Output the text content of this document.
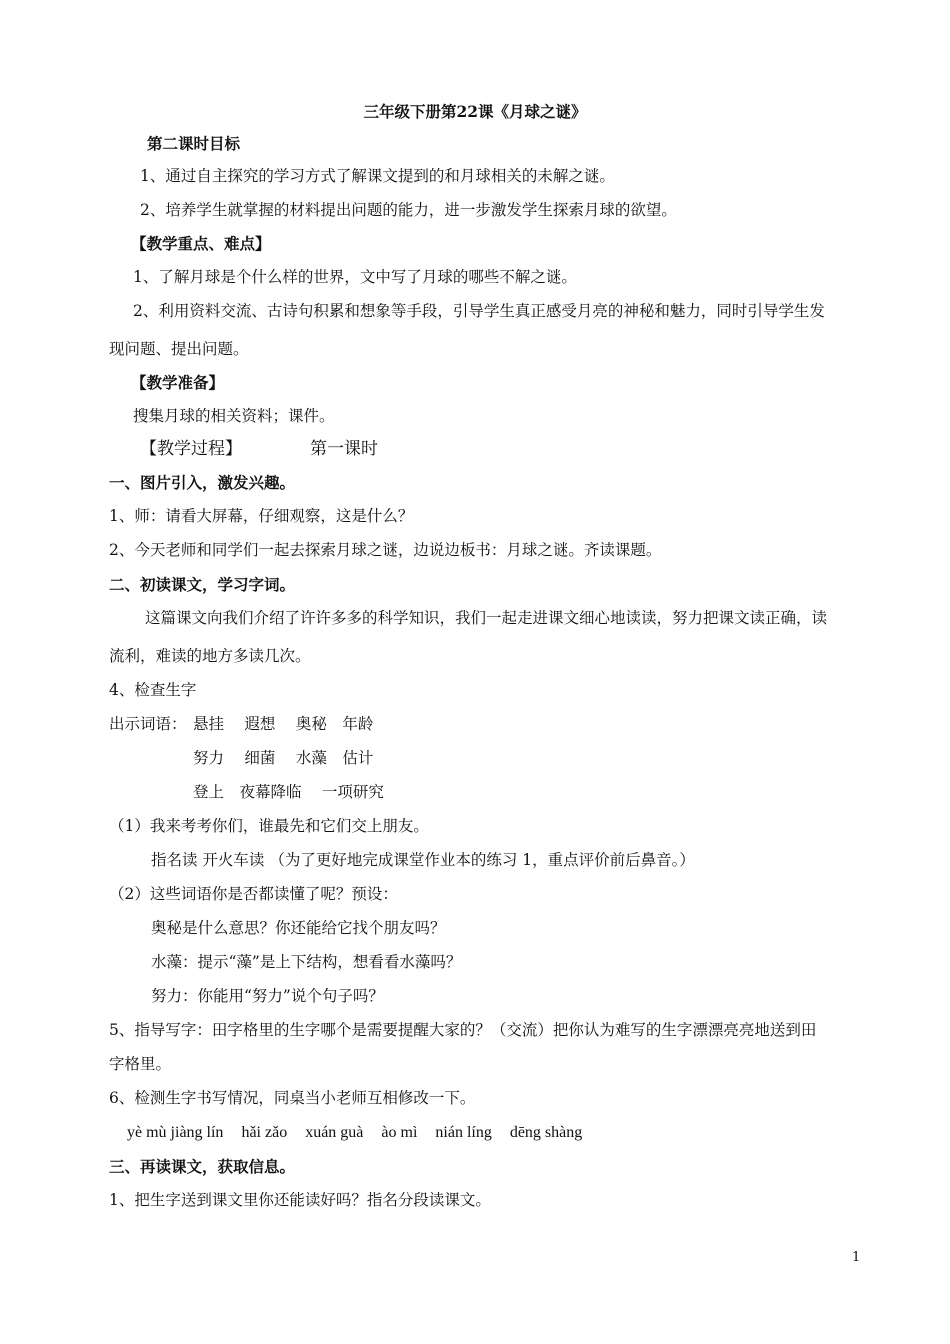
三年级下册第22课《月球之谜》
第二课时目标
1、通过自主探究的学习方式了解课文提到的和月球相关的未解之谜。
2、培养学生就掌握的材料提出问题的能力，进一步激发学生探索月球的欲望。
【教学重点、难点】
1、了解月球是个什么样的世界，文中写了月球的哪些不解之谜。
2、利用资料交流、古诗句积累和想象等手段，引导学生真正感受月亮的神秘和魅力，同时引导学生发
现问题、提出问题。
【教学准备】
搜集月球的相关资料；课件。
【教学过程】	第一课时
一、图片引入，激发兴趣。
1、师：请看大屏幕，仔细观察，这是什么？
2、今天老师和同学们一起去探索月球之谜，边说边板书：月球之谜。齐读课题。
二、初读课文，学习字词。
这篇课文向我们介绍了许许多多的科学知识，我们一起走进课文细心地读读，努力把课文读正确，读
流利，难读的地方多读几次。
4、检查生字
出示词语： 悬挂　 遐想　 奥秘　年龄
努力　 细菌　 水藻　估计
登上　夜幕降临　 一项研究
（1）我来考考你们，谁最先和它们交上朋友。
指名读 开火车读 （为了更好地完成课堂作业本的练习 1，重点评价前后鼻音。）
（2）这些词语你是否都读懂了呢？预设：
奥秘是什么意思？你还能给它找个朋友吗？
水藻：提示“藻”是上下结构，想看看水藻吗？
努力：你能用“努力”说个句子吗？
5、指导写字：田字格里的生字哪个是需要提醒大家的？（交流）把你认为难写的生字漂漂亮亮地送到田
字格里。
6、检测生字书写情况，同桌当小老师互相修改一下。
yè mù jiàng lín hǎi zǎo xuán guà ào mì nián líng dēng shàng
三、再读课文，获取信息。
1、把生字送到课文里你还能读好吗？指名分段读课文。
1
